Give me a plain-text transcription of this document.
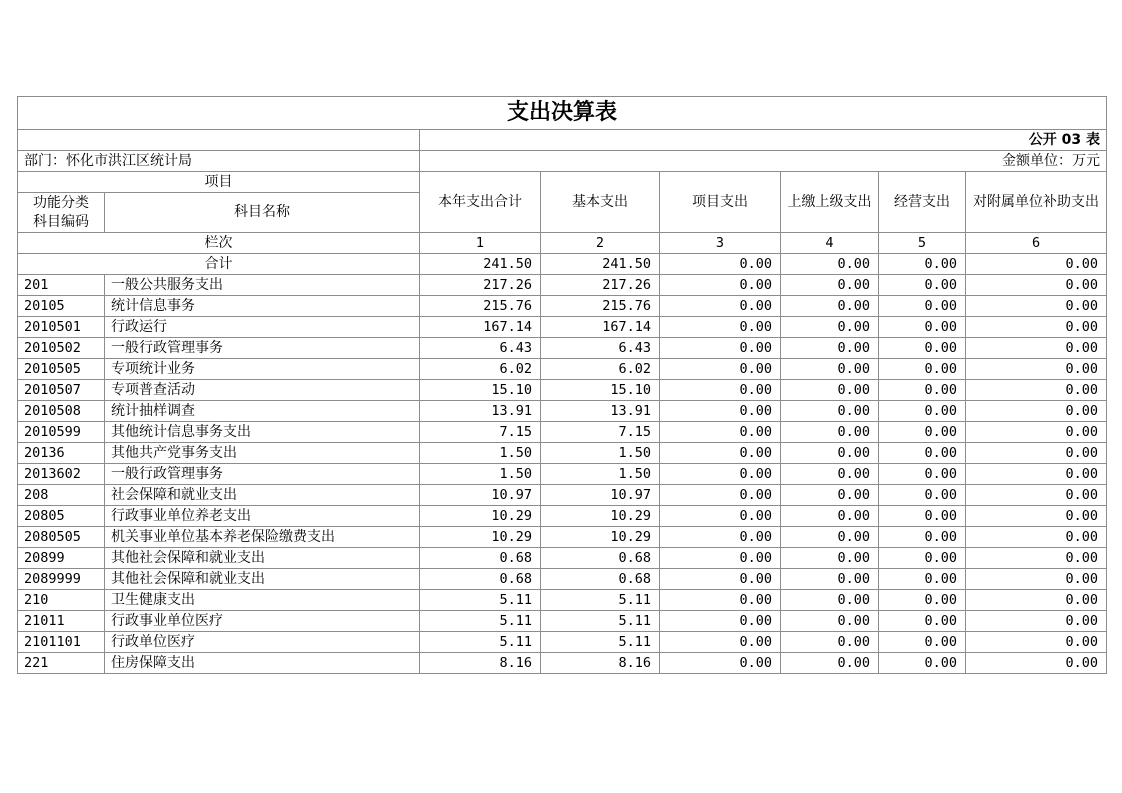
支出决算表							
		公开 03 表					
部门：怀化市洪江区统计局		金额单位：万元					
项目		本年支出合计	基本支出	项目支出	上缴上级支出	经营支出	对附属单位补助支出
功能分类
科目编码	科目名称						
栏次		1	2	3	4	5	6
合计		241.50	241.50	0.00	0.00	0.00	0.00
201	一般公共服务支出	217.26	217.26	0.00	0.00	0.00	0.00
20105	统计信息事务	215.76	215.76	0.00	0.00	0.00	0.00
2010501	行政运行	167.14	167.14	0.00	0.00	0.00	0.00
2010502	一般行政管理事务	6.43	6.43	0.00	0.00	0.00	0.00
2010505	专项统计业务	6.02	6.02	0.00	0.00	0.00	0.00
2010507	专项普查活动	15.10	15.10	0.00	0.00	0.00	0.00
2010508	统计抽样调查	13.91	13.91	0.00	0.00	0.00	0.00
2010599	其他统计信息事务支出	7.15	7.15	0.00	0.00	0.00	0.00
20136	其他共产党事务支出	1.50	1.50	0.00	0.00	0.00	0.00
2013602	一般行政管理事务	1.50	1.50	0.00	0.00	0.00	0.00
208	社会保障和就业支出	10.97	10.97	0.00	0.00	0.00	0.00
20805	行政事业单位养老支出	10.29	10.29	0.00	0.00	0.00	0.00
2080505	机关事业单位基本养老保险缴费支出	10.29	10.29	0.00	0.00	0.00	0.00
20899	其他社会保障和就业支出	0.68	0.68	0.00	0.00	0.00	0.00
2089999	其他社会保障和就业支出	0.68	0.68	0.00	0.00	0.00	0.00
210	卫生健康支出	5.11	5.11	0.00	0.00	0.00	0.00
21011	行政事业单位医疗	5.11	5.11	0.00	0.00	0.00	0.00
2101101	行政单位医疗	5.11	5.11	0.00	0.00	0.00	0.00
221	住房保障支出	8.16	8.16	0.00	0.00	0.00	0.00
